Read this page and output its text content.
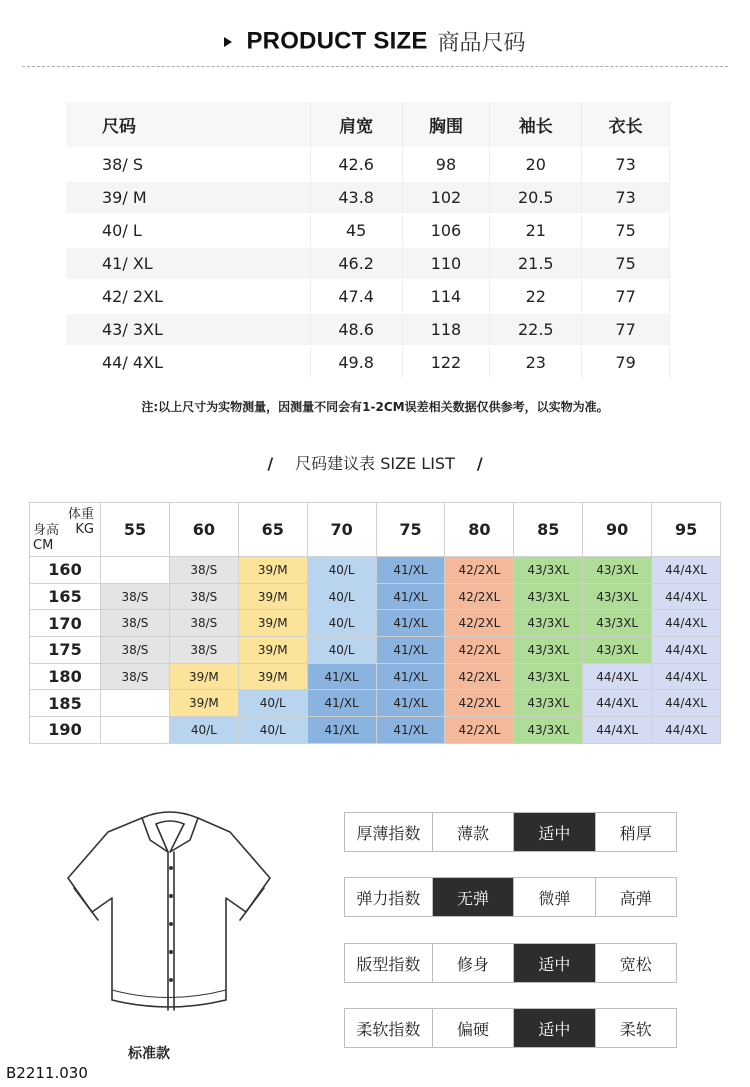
PRODUCT SIZE 商品尺码
尺码	肩宽	胸围	袖长	衣长
38/ S	42.6	98	20	73
39/ M	43.8	102	20.5	73
40/ L	45	106	21	75
41/ XL	46.2	110	21.5	75
42/ 2XL	47.4	114	22	77
43/ 3XL	48.6	118	22.5	77
44/ 4XL	49.8	122	23	79
注:以上尺寸为实物测量，因测量不同会有1-2CM误差相关数据仅供参考，以实物为准。
/ 尺码建议表 SIZE LIST /
体重
KG
身高
CM	55	60	65	70	75	80	85	90	95
160		38/S	39/M	40/L	41/XL	42/2XL	43/3XL	43/3XL	44/4XL
165	38/S	38/S	39/M	40/L	41/XL	42/2XL	43/3XL	43/3XL	44/4XL
170	38/S	38/S	39/M	40/L	41/XL	42/2XL	43/3XL	43/3XL	44/4XL
175	38/S	38/S	39/M	40/L	41/XL	42/2XL	43/3XL	43/3XL	44/4XL
180	38/S	39/M	39/M	41/XL	41/XL	42/2XL	43/3XL	44/4XL	44/4XL
185		39/M	40/L	41/XL	41/XL	42/2XL	43/3XL	44/4XL	44/4XL
190		40/L	40/L	41/XL	41/XL	42/2XL	43/3XL	44/4XL	44/4XL
标准款
厚薄指数	薄款	适中	稍厚
弹力指数	无弹	微弹	高弹
版型指数	修身	适中	宽松
柔软指数	偏硬	适中	柔软
B2211.030
